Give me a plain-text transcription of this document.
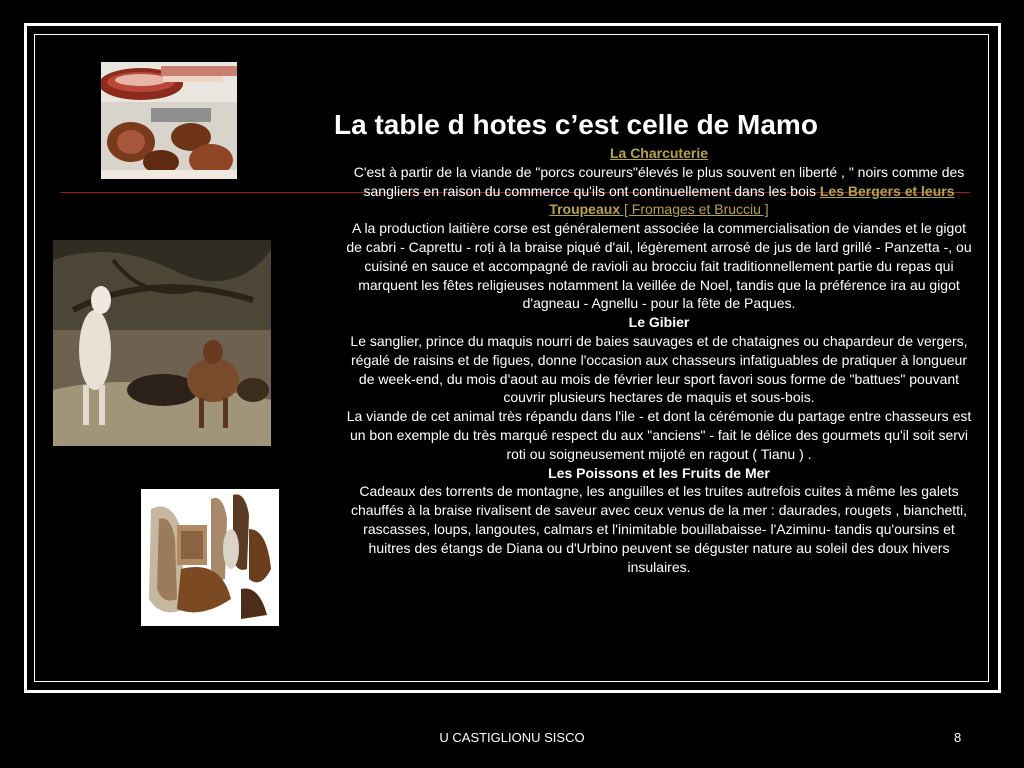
La table d hotes c’est celle de Mamo
La Charcuterie
C'est à partir de la viande de "porcs coureurs"élevés le plus souvent en liberté , " noirs comme des sangliers en raison du commerce qu'ils ont continuellement dans les bois Les Bergers et leurs Troupeaux [ Fromages et Brucciu ]
A la production laitière corse est généralement associée la commercialisation de viandes et le gigot de cabri - Caprettu - roṭi à la braise piqué d'ail, légèrement arrosé de jus de lard grillé - Panzetta -, ou cuisiné en sauce et accompagné de ravioli au brocciu fait traditionnellement partie du repas qui marquent les fêtes religieuses notamment la veillée de Noel, tandis que la préférence ira au gigot d'agneau - Agnellu - pour la fête de Paques.
Le Gibier
Le sanglier, prince du maquis nourri de baies sauvages et de chataignes ou chapardeur de vergers, régalé de raisins et de figues, donne l'occasion aux chasseurs infatiguables de pratiquer à longueur de week-end, du mois d'aout au mois de février leur sport favori sous forme de "battues" pouvant couvrir plusieurs hectares de maquis et sous-bois.
La viande de cet animal très répandu dans l'ile - et dont la cérémonie du partage entre chasseurs est un bon exemple du très marqué respect du aux "anciens" - fait le délice des gourmets qu'il soit servi roti ou soigneusement mijoté en ragout ( Tianu ) .
Les Poissons et les Fruits de Mer
Cadeaux des torrents de montagne, les anguilles et les truites autrefois cuites à même les galets chauffés à la braise rivalisent de saveur avec ceux venus de la mer : daurades, rougets , bianchetti, rascasses, loups, langoutes, calmars et l'inimitable bouillabaisse- l'Aziminu- tandis qu'oursins et huitres des étangs de Diana ou d'Urbino peuvent se déguster nature au soleil des doux hivers insulaires.
U CASTIGLIONU SISCO	8
